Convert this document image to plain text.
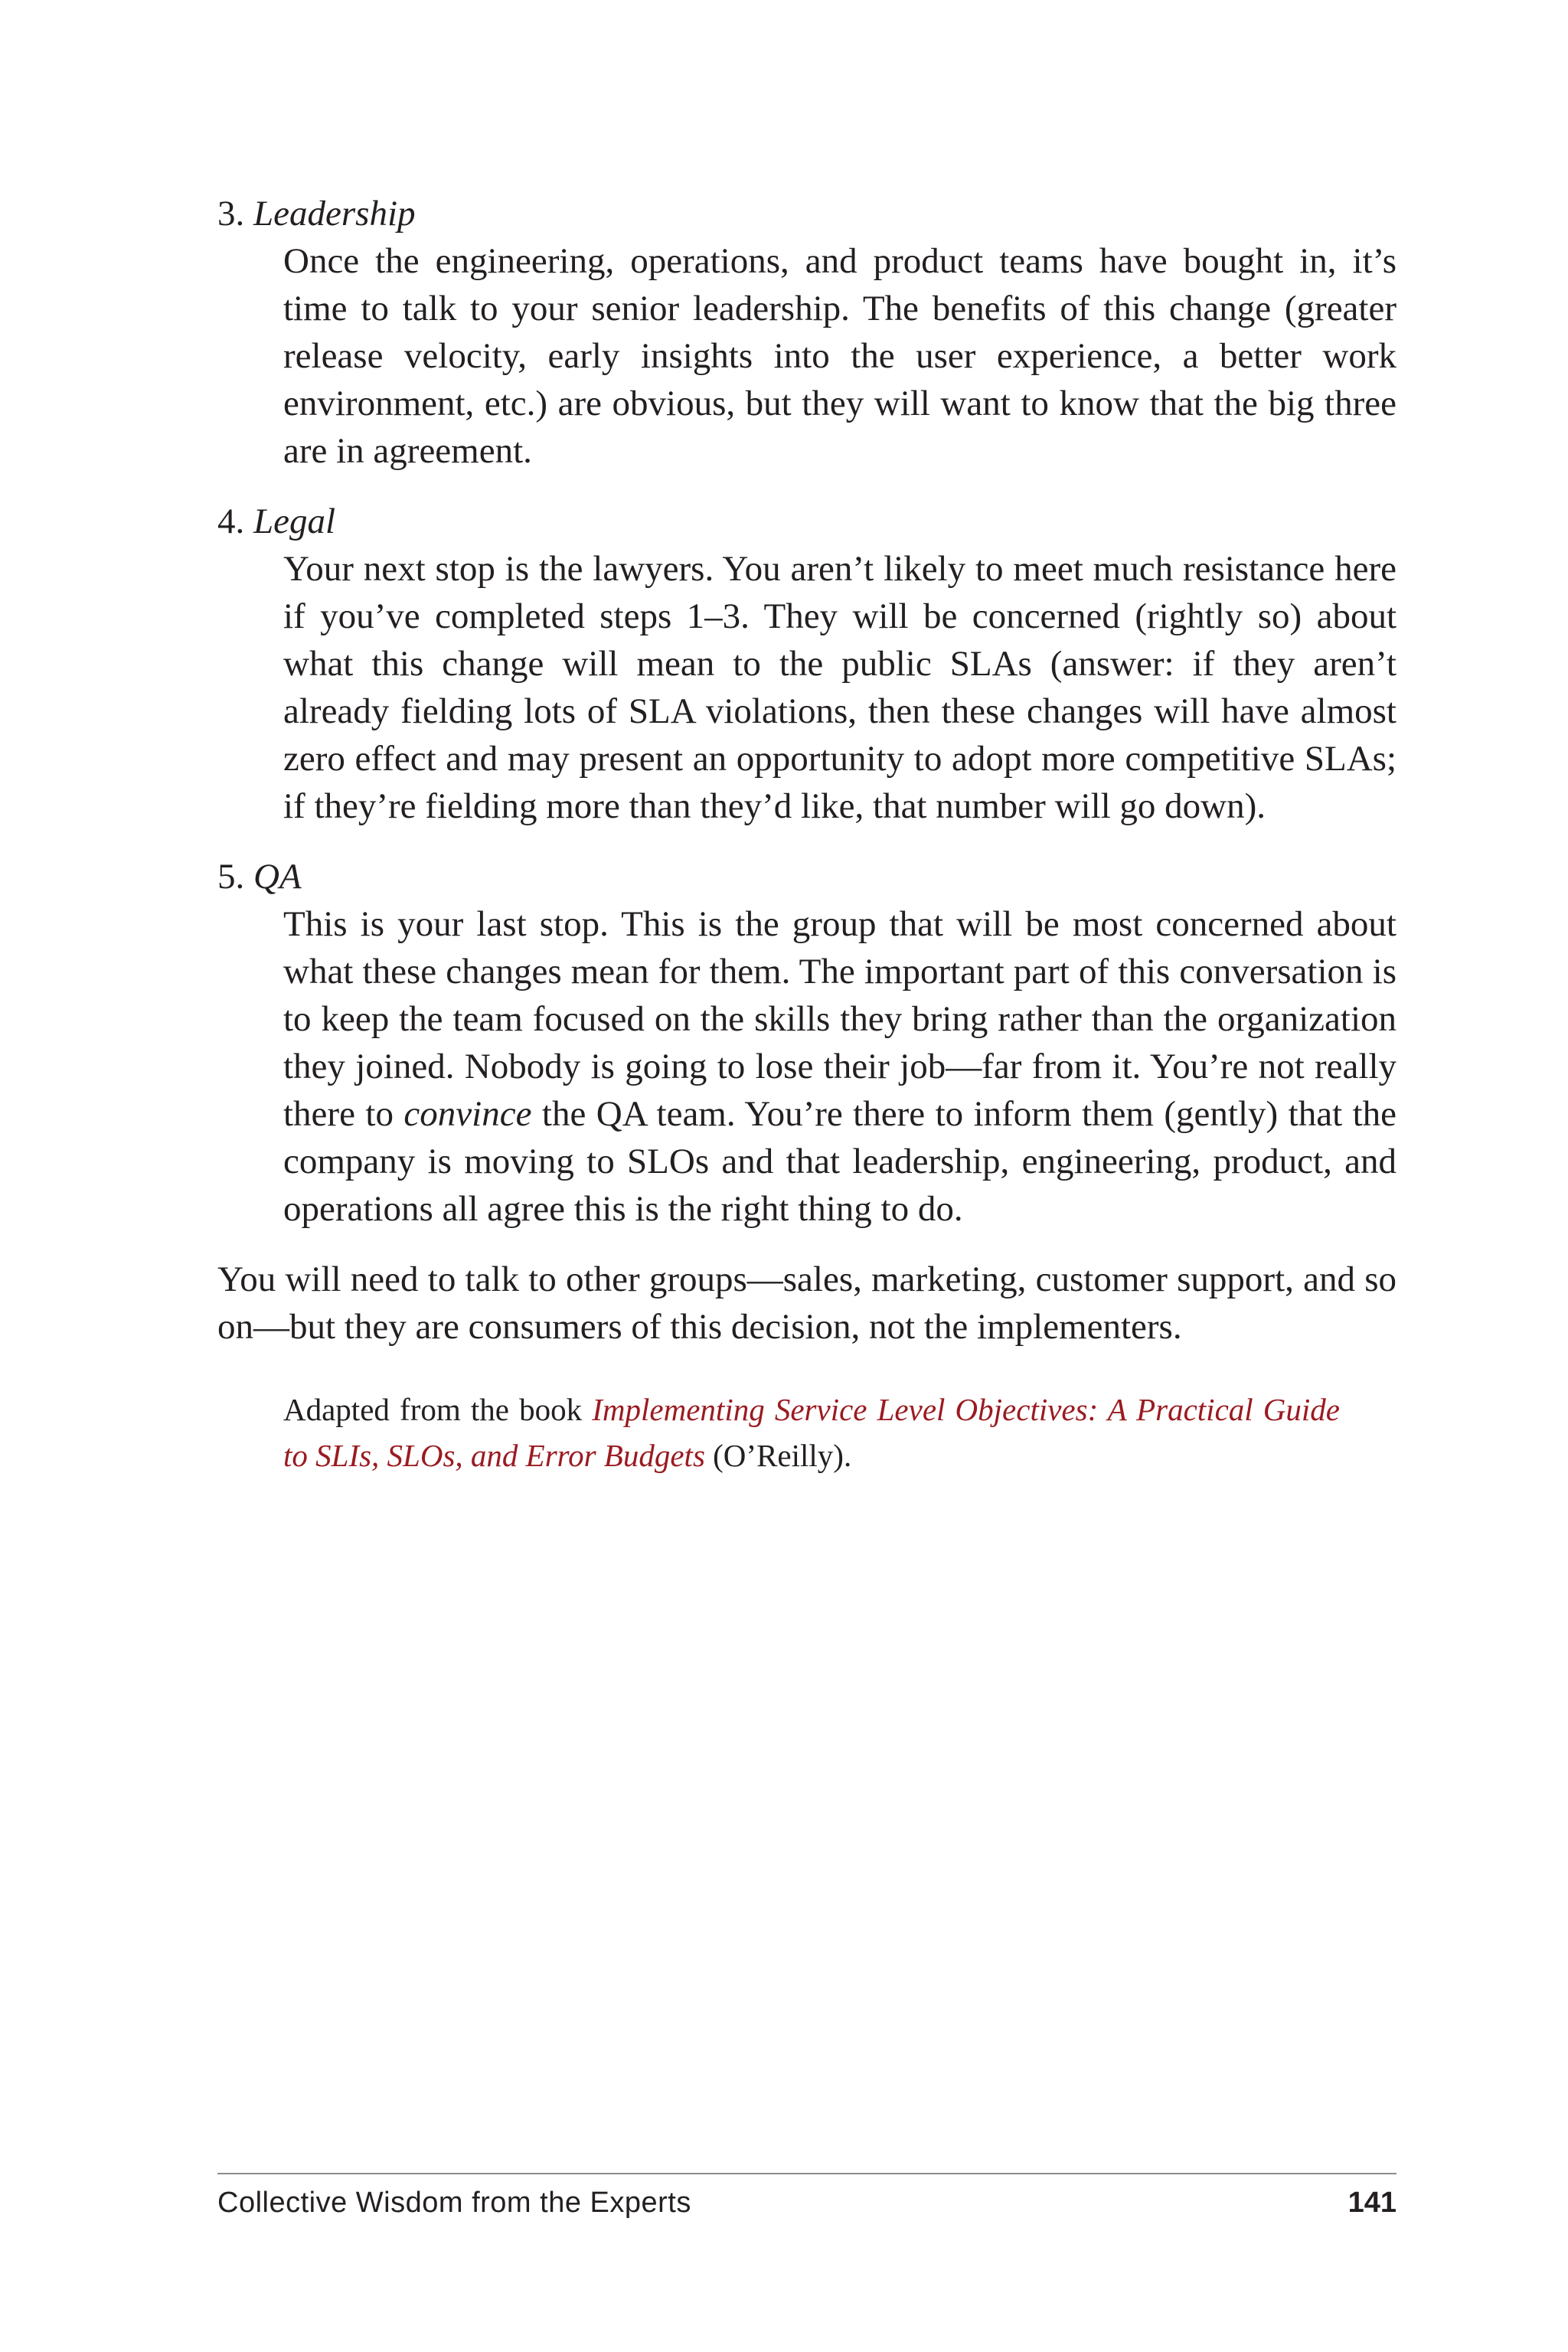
3. Leadership
Once the engineering, operations, and product teams have bought in, it’s time to talk to your senior leadership. The benefits of this change (greater release velocity, early insights into the user experience, a better work environment, etc.) are obvious, but they will want to know that the big three are in agreement.
4. Legal
Your next stop is the lawyers. You aren’t likely to meet much resistance here if you’ve completed steps 1–3. They will be concerned (rightly so) about what this change will mean to the public SLAs (answer: if they aren’t already fielding lots of SLA violations, then these changes will have almost zero effect and may present an opportunity to adopt more competitive SLAs; if they’re fielding more than they’d like, that number will go down).
5. QA
This is your last stop. This is the group that will be most concerned about what these changes mean for them. The important part of this conversation is to keep the team focused on the skills they bring rather than the organization they joined. Nobody is going to lose their job—far from it. You’re not really there to convince the QA team. You’re there to inform them (gently) that the company is moving to SLOs and that leadership, engineering, product, and operations all agree this is the right thing to do.

You will need to talk to other groups—sales, marketing, customer support, and so on—but they are consumers of this decision, not the implementers.

Adapted from the book Implementing Service Level Objectives: A Practical Guide to SLIs, SLOs, and Error Budgets (O’Reilly).
Collective Wisdom from the Experts	141
